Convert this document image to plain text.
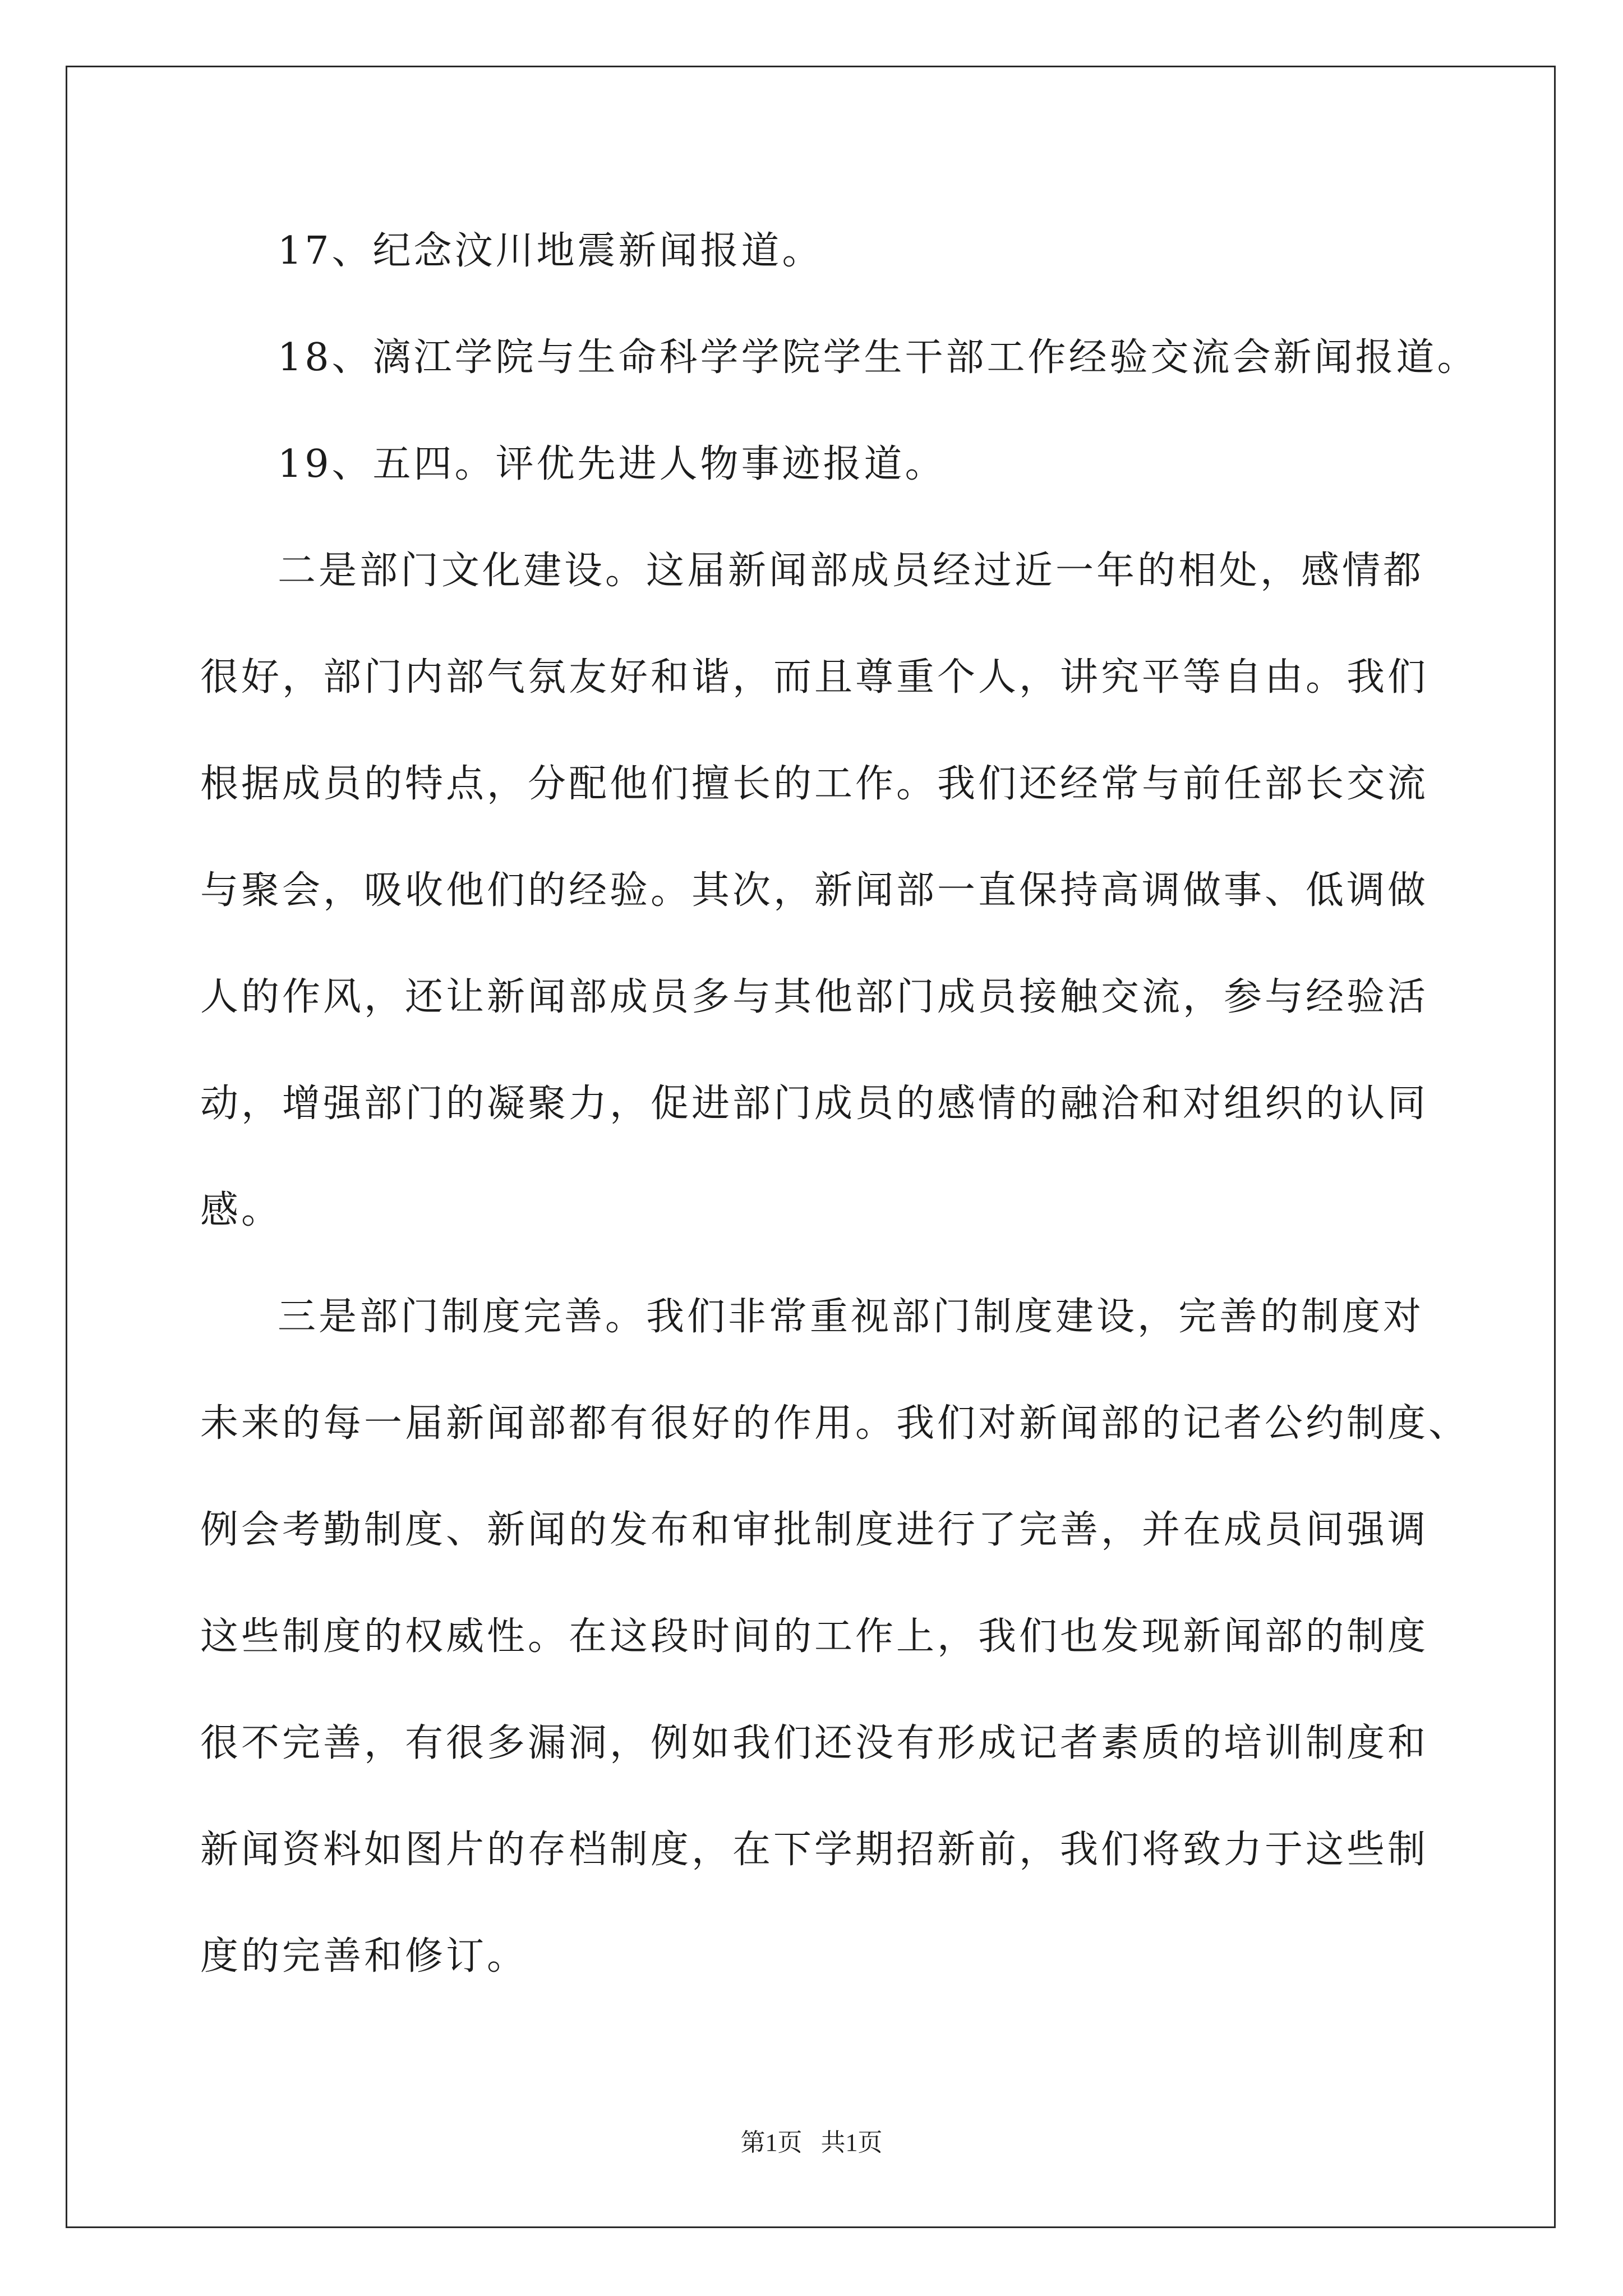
17、纪念汶川地震新闻报道。
18、漓江学院与生命科学学院学生干部工作经验交流会新闻报道。
19、五四。评优先进人物事迹报道。
二是部门文化建设。这届新闻部成员经过近一年的相处，感情都
很好，部门内部气氛友好和谐，而且尊重个人，讲究平等自由。我们
根据成员的特点，分配他们擅长的工作。我们还经常与前任部长交流
与聚会，吸收他们的经验。其次，新闻部一直保持高调做事、低调做
人的作风，还让新闻部成员多与其他部门成员接触交流，参与经验活
动，增强部门的凝聚力，促进部门成员的感情的融洽和对组织的认同
感。
三是部门制度完善。我们非常重视部门制度建设，完善的制度对
未来的每一届新闻部都有很好的作用。我们对新闻部的记者公约制度、
例会考勤制度、新闻的发布和审批制度进行了完善，并在成员间强调
这些制度的权威性。在这段时间的工作上，我们也发现新闻部的制度
很不完善，有很多漏洞，例如我们还没有形成记者素质的培训制度和
新闻资料如图片的存档制度，在下学期招新前，我们将致力于这些制
度的完善和修订。
第1页   共1页
